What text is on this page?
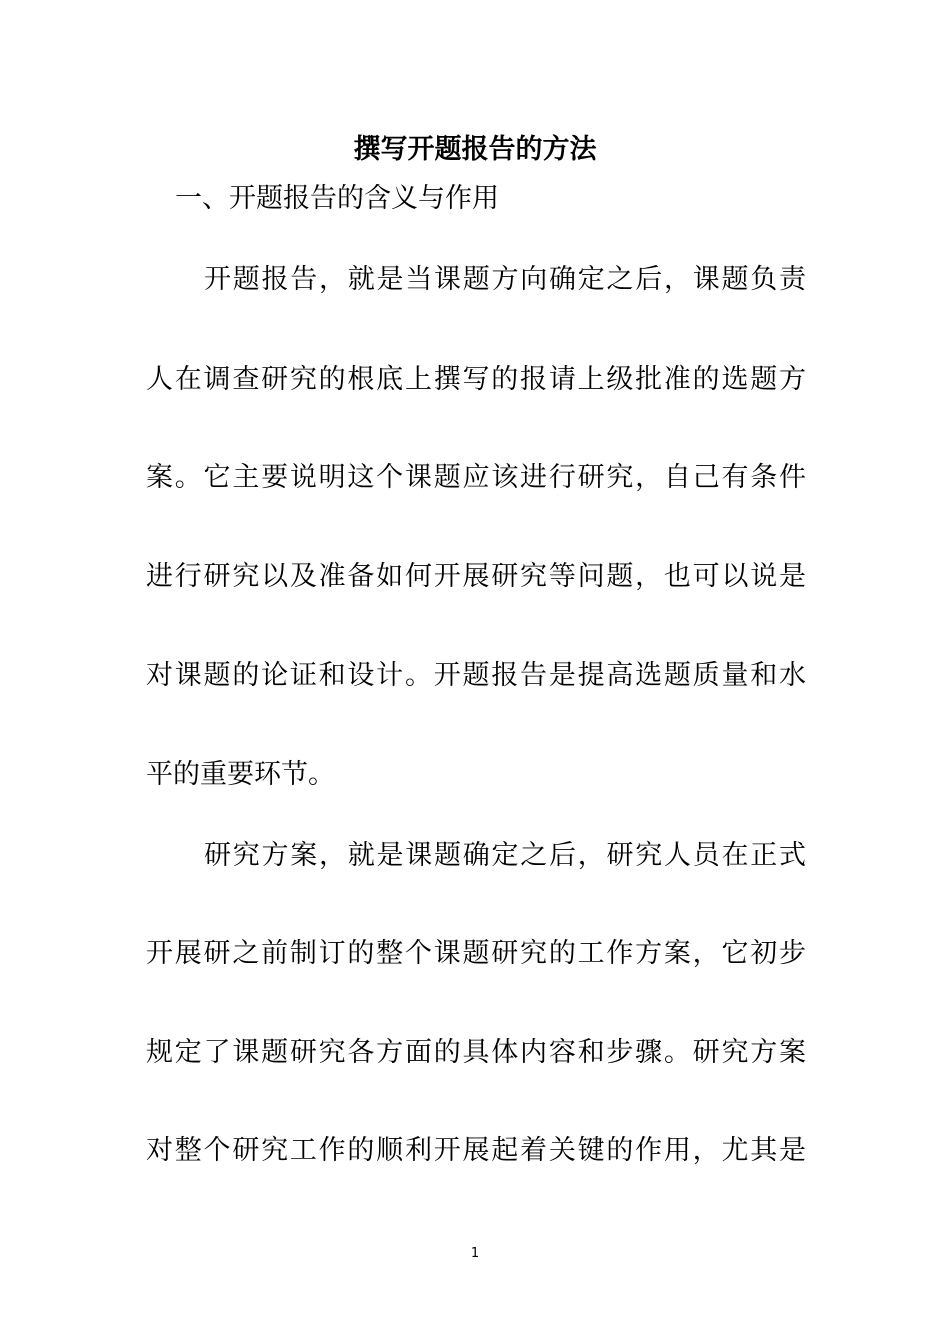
撰写开题报告的方法
一、开题报告的含义与作用
开题报告，就是当课题方向确定之后，课题负责
人在调查研究的根底上撰写的报请上级批准的选题方
案。它主要说明这个课题应该进行研究，自己有条件
进行研究以及准备如何开展研究等问题，也可以说是
对课题的论证和设计。开题报告是提高选题质量和水
平的重要环节。
研究方案，就是课题确定之后，研究人员在正式
开展研之前制订的整个课题研究的工作方案，它初步
规定了课题研究各方面的具体内容和步骤。研究方案
对整个研究工作的顺利开展起着关键的作用，尤其是
1
